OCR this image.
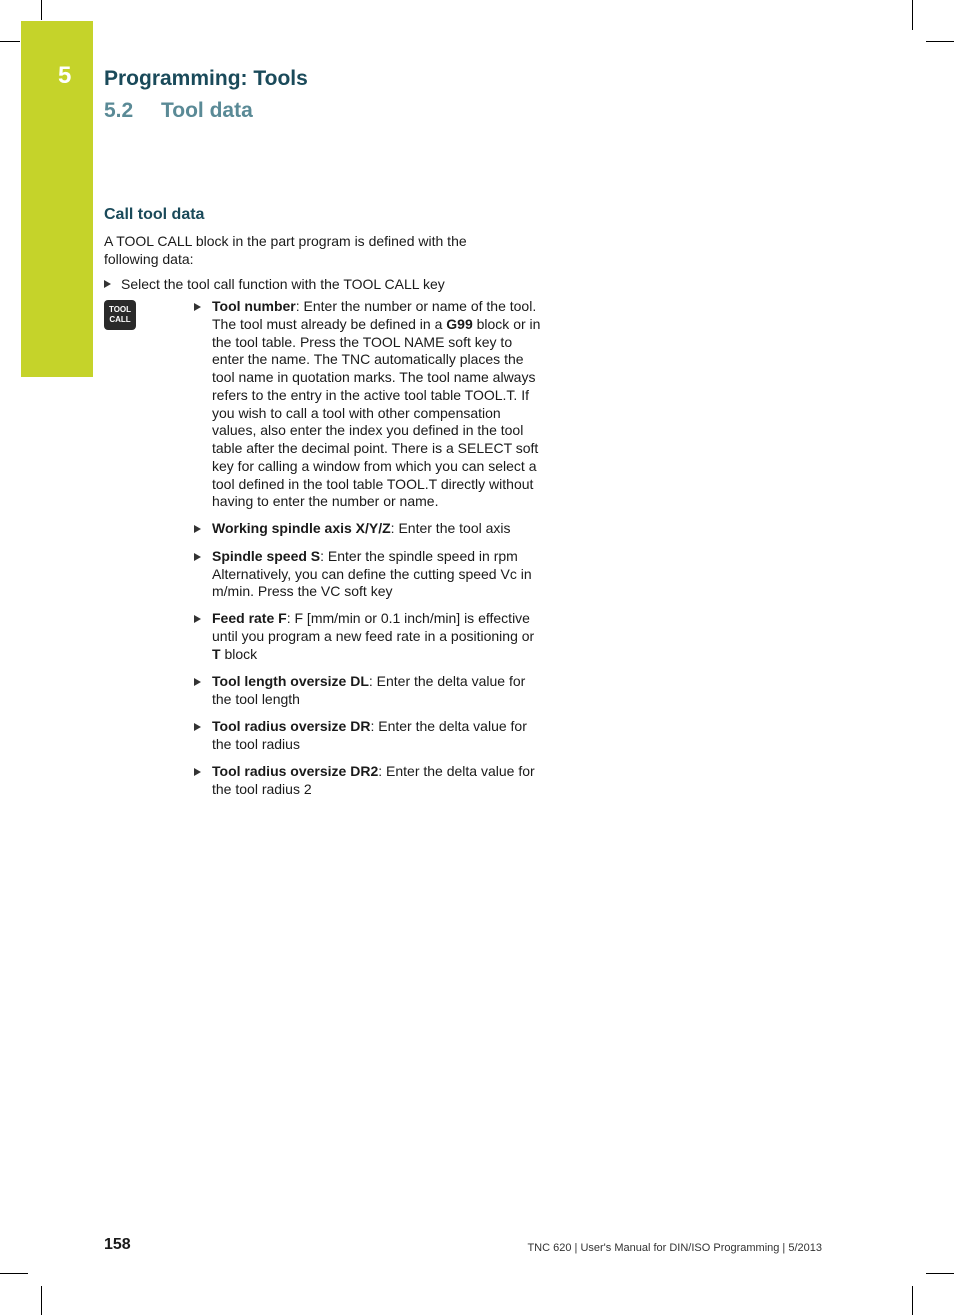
5 Programming: Tools
5.2 Tool data
Call tool data
A TOOL CALL block in the part program is defined with the following data:
Select the tool call function with the TOOL CALL key
TOOL
CALL
Tool number: Enter the number or name of the tool. The tool must already be defined in a G99 block or in the tool table. Press the TOOL NAME soft key to enter the name. The TNC automatically places the tool name in quotation marks. The tool name always refers to the entry in the active tool table TOOL.T. If you wish to call a tool with other compensation values, also enter the index you defined in the tool table after the decimal point. There is a SELECT soft key for calling a window from which you can select a tool defined in the tool table TOOL.T directly without having to enter the number or name.
Working spindle axis X/Y/Z: Enter the tool axis
Spindle speed S: Enter the spindle speed in rpm Alternatively, you can define the cutting speed Vc in m/min. Press the VC soft key
Feed rate F: F [mm/min or 0.1 inch/min] is effective until you program a new feed rate in a positioning or T block
Tool length oversize DL: Enter the delta value for the tool length
Tool radius oversize DR: Enter the delta value for the tool radius
Tool radius oversize DR2: Enter the delta value for the tool radius 2
158	TNC 620 | User's Manual for DIN/ISO Programming | 5/2013
